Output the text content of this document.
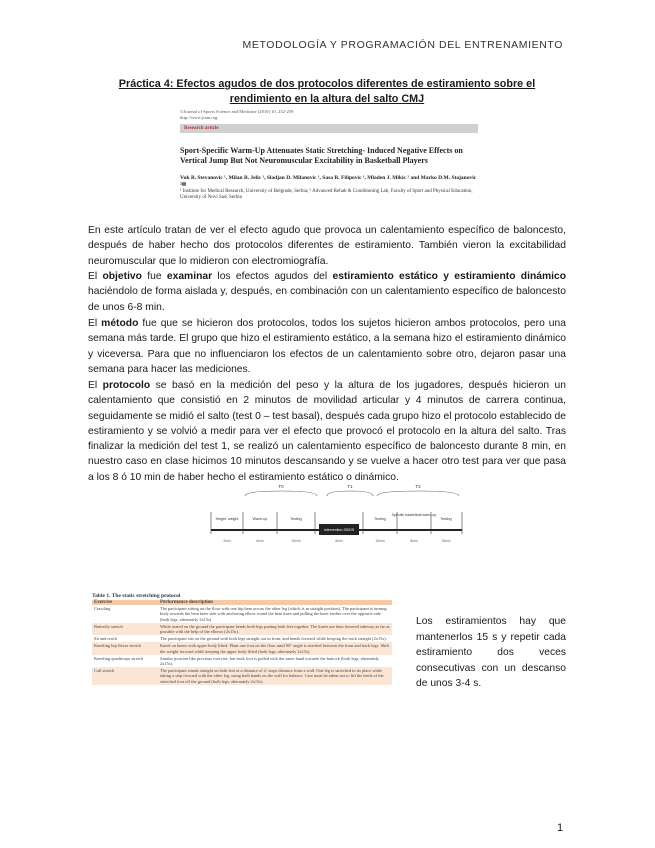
METODOLOGÍA Y PROGRAMACIÓN DEL ENTRENAMIENTO
Práctica 4: Efectos agudos de dos protocolos diferentes de estiramiento sobre el rendimiento en la altura del salto CMJ
©Journal of Sports Science and Medicine (2010) 10, 252-259
http://www.jssm.org
Research article
Sport-Specific Warm-Up Attenuates Static Stretching- Induced Negative Effects on Vertical Jump But Not Neuromuscular Excitability in Basketball Players
Vuk B. Stevanovic ¹, Milan B. Jelic ¹, Sladjan D. Milanovic ¹, Sasa R. Filipovic ¹, Mladen J. Mikic ² and Marko D.M. Stojanovic ²✉
¹ Institute for Medical Research, University of Belgrade, Serbia; ² Advanced Rehab & Conditioning Lab, Faculty of Sport and Physical Education, University of Novi Sad, Serbia
En este artículo tratan de ver el efecto agudo que provoca un calentamiento específico de baloncesto, después de haber hecho dos protocolos diferentes de estiramiento. También vieron la excitabilidad neuromuscular que lo midieron con electromiografía.
El objetivo fue examinar los efectos agudos del estiramiento estático y estiramiento dinámico haciéndolo de forma aislada y, después, en combinación con un calentamiento específico de baloncesto de unos 6-8 min.
El método fue que se hicieron dos protocolos, todos los sujetos hicieron ambos protocolos, pero una semana más tarde. El grupo que hizo el estiramiento estático, a la semana hizo el estiramiento dinámico y viceversa. Para que no influenciaron los efectos de un calentamiento sobre otro, dejaron pasar una semana para hacer las mediciones.
El protocolo se basó en la medición del peso y la altura de los jugadores, después hicieron un calentamiento que consistió en 2 minutos de movilidad articular y 4 minutos de carrera continua, seguidamente se midió el salto (test 0 – test basal), después cada grupo hizo el protocolo establecido de estiramiento y se volvió a medir para ver el efecto que provocó el protocolo en la altura del salto. Tras finalizar la medición del test 1, se realizó un calentamiento específico de baloncesto durante 8 min, en nuestro caso en clase hicimos 10 minutos descansando y se vuelve a hacer otro test para ver que pasa a los 8 ó 10 min de haber hecho el estiramiento estático o dinámico.
T0	T1	T2
Height, weight	Warm-up	Testing
Intervention SS/DS
Testing
Specific basketball warm-up
Testing
2min	6min	15min	8min	15min	8min	15min
Table 1. The static stretching protocol
Exercise	Performance description
Crawling	The participant sitting on the floor with one hip bent across the other leg (which is in straight position). The participant is turning body towards the bent knee side with anchoring elbow round the bent knee and pulling the knee farther over the opposite side (both legs, alternately 2x15s).
Butterfly stretch	While seated on the ground the participant bends both legs putting both feet together. The knees are then lowered sideway as far as possible with the help of the elbows (2x15s).
Sit and reach	The participant sits on the ground with both legs straight out in front, and bends forward while keeping the back straight (2x15s).
Kneeling hip flexor stretch	Kneel on knees with upper body lifted. Plant one foot on the floor until 90° angle is reached between the front and back legs. Shift the weight forward while keeping the upper body lifted (both legs, alternately 2x15s).
Kneeling quadriceps stretch	Similar position like previous exercise, but back foot is pulled with the same hand towards the buttock (both legs, alternately 2x15s).
Calf stretch	The participant stands straight on both feet at a distance of 2- steps distance from a wall. One leg is stretched in its place while taking a step forward with the other leg, using both hands on the wall for balance. Care must be taken not to lift the heels of the stretched foot off the ground (both legs, alternately 2x15s).
Los estiramientos hay que mantenerlos 15 s y repetir cada estiramiento dos veces consecutivas con un descanso de unos 3-4 s.
1
